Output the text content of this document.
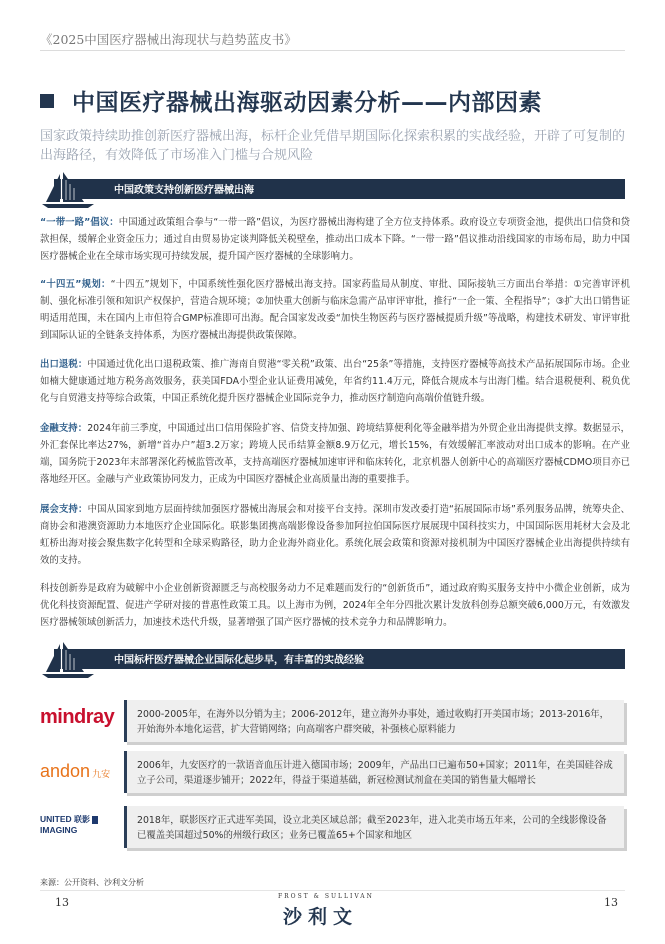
《2025中国医疗器械出海现状与趋势蓝皮书》
中国医疗器械出海驱动因素分析——内部因素
国家政策持续助推创新医疗器械出海，标杆企业凭借早期国际化探索积累的实战经验，开辟了可复制的出海路径，有效降低了市场准入门槛与合规风险
中国政策支持创新医疗器械出海
“一带一路”倡议：中国通过政策组合拳与“一带一路”倡议，为医疗器械出海构建了全方位支持体系。政府设立专项资金池，提供出口信贷和贷款担保，缓解企业资金压力；通过自由贸易协定谈判降低关税壁垒，推动出口成本下降。“一带一路”倡议推动沿线国家的市场布局，助力中国医疗器械企业在全球市场实现可持续发展，提升国产医疗器械的全球影响力。
“十四五”规划：“十四五”规划下，中国系统性强化医疗器械出海支持。国家药监局从制度、审批、国际接轨三方面出台举措：①完善审评机制、强化标准引领和知识产权保护，营造合规环境；②加快重大创新与临床急需产品审评审批，推行“一企一策、全程指导”；③扩大出口销售证明适用范围，未在国内上市但符合GMP标准即可出海。配合国家发改委“加快生物医药与医疗器械提质升级”等战略，构建技术研发、审评审批到国际认证的全链条支持体系，为医疗器械出海提供政策保障。
出口退税：中国通过优化出口退税政策、推广海南自贸港“零关税”政策、出台“25条”等措施，支持医疗器械等高技术产品拓展国际市场。企业如楠大健康通过地方税务高效服务，获美国FDA小型企业认证费用减免，年省约11.4万元，降低合规成本与出海门槛。结合退税便利、税负优化与自贸港支持等综合政策，中国正系统化提升医疗器械企业国际竞争力，推动医疗制造向高端价值链升级。
金融支持：2024年前三季度，中国通过出口信用保险扩容、信贷支持加强、跨境结算便利化等金融举措为外贸企业出海提供支撑。数据显示，外汇套保比率达27%，新增“首办户”超3.2万家；跨境人民币结算金额8.9万亿元，增长15%，有效缓解汇率波动对出口成本的影响。在产业端，国务院于2023年末部署深化药械监管改革，支持高端医疗器械加速审评和临床转化，北京机器人创新中心的高端医疗器械CDMO项目亦已落地经开区。金融与产业政策协同发力，正成为中国医疗器械企业高质量出海的重要推手。
展会支持：中国从国家到地方层面持续加强医疗器械出海展会和对接平台支持。深圳市发改委打造“拓展国际市场”系列服务品牌，统筹央企、商协会和港澳资源助力本地医疗企业国际化。联影集团携高端影像设备参加阿拉伯国际医疗展展现中国科技实力，中国国际医用耗材大会及北虹桥出海对接会聚焦数字化转型和全球采购路径，助力企业海外商业化。系统化展会政策和资源对接机制为中国医疗器械企业出海提供持续有效的支持。
科技创新券是政府为破解中小企业创新资源匮乏与高校服务动力不足难题而发行的“创新货币”，通过政府购买服务支持中小微企业创新，成为优化科技资源配置、促进产学研对接的普惠性政策工具。以上海市为例，2024年全年分四批次累计发放科创券总额突破6,000万元，有效激发医疗器械领域创新活力，加速技术迭代升级，显著增强了国产医疗器械的技术竞争力和品牌影响力。
中国标杆医疗器械企业国际化起步早，有丰富的实战经验
mindray	2000-2005年，在海外以分销为主；2006-2012年，建立海外办事处，通过收购打开美国市场；2013-2016年，开始海外本地化运营，扩大营销网络；向高端客户群突破，补强核心原料能力
andon 九安
2006年，九安医疗的一款语音血压计进入德国市场；2009年，产品出口已遍布50+国家；2011年，在美国硅谷成立子公司，渠道逐步铺开；2022年，得益于渠道基础，新冠检测试剂盒在美国的销售量大幅增长
UNITED 联影
IMAGING
2018年，联影医疗正式进军美国，设立北美区域总部；截至2023年，进入北美市场五年来，公司的全线影像设备已覆盖美国超过50%的州级行政区；业务已覆盖65+个国家和地区
来源：公开资料、沙利文分析
13	FROST & SULLIVAN
沙利文
13
